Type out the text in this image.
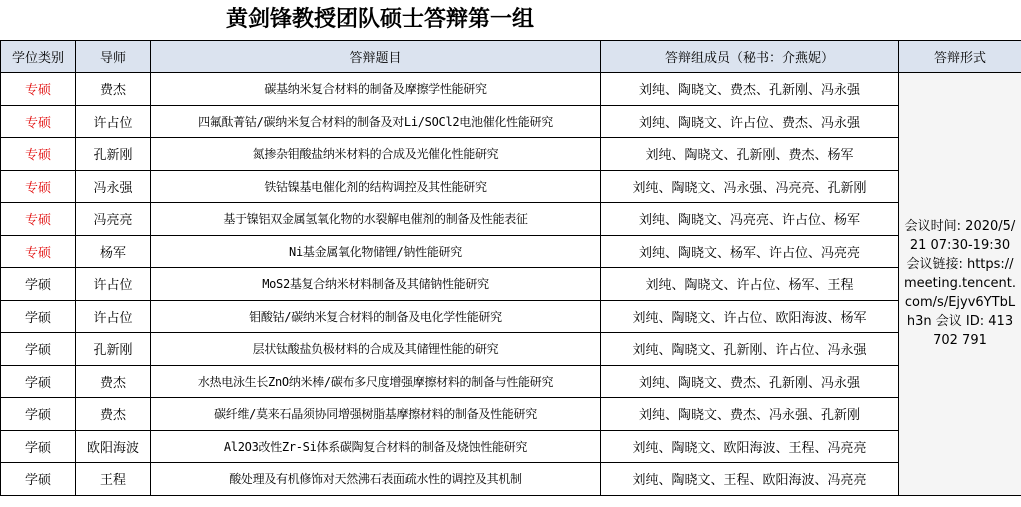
黄剑锋教授团队硕士答辩第一组
学位类别	导师	答辩题目	答辩组成员（秘书：介燕妮）	答辩形式
专硕	费杰	碳基纳米复合材料的制备及摩擦学性能研究	刘纯、陶晓文、费杰、孔新刚、冯永强	会议时间: 2020/5/21 07:30-19:30 会议链接: https://meeting.tencent.com/s/Ejyv6YTbLh3n 会议 ID: 413 702 791
专硕	许占位	四氟酞菁钴/碳纳米复合材料的制备及对Li/SOCl2电池催化性能研究	刘纯、陶晓文、许占位、费杰、冯永强	
专硕	孔新刚	氮掺杂钼酸盐纳米材料的合成及光催化性能研究	刘纯、陶晓文、孔新刚、费杰、杨军	
专硕	冯永强	铁钴镍基电催化剂的结构调控及其性能研究	刘纯、陶晓文、冯永强、冯亮亮、孔新刚	
专硕	冯亮亮	基于镍铝双金属氢氧化物的水裂解电催剂的制备及性能表征	刘纯、陶晓文、冯亮亮、许占位、杨军	
专硕	杨军	Ni基金属氧化物储锂/钠性能研究	刘纯、陶晓文、杨军、许占位、冯亮亮	
学硕	许占位	MoS2基复合纳米材料制备及其储钠性能研究	刘纯、陶晓文、许占位、杨军、王程	
学硕	许占位	钼酸钴/碳纳米复合材料的制备及电化学性能研究	刘纯、陶晓文、许占位、欧阳海波、杨军	
学硕	孔新刚	层状钛酸盐负极材料的合成及其储锂性能的研究	刘纯、陶晓文、孔新刚、许占位、冯永强	
学硕	费杰	水热电泳生长ZnO纳米棒/碳布多尺度增强摩擦材料的制备与性能研究	刘纯、陶晓文、费杰、孔新刚、冯永强	
学硕	费杰	碳纤维/莫来石晶须协同增强树脂基摩擦材料的制备及性能研究	刘纯、陶晓文、费杰、冯永强、孔新刚	
学硕	欧阳海波	Al2O3改性Zr-Si体系碳陶复合材料的制备及烧蚀性能研究	刘纯、陶晓文、欧阳海波、王程、冯亮亮	
学硕	王程	酸处理及有机修饰对天然沸石表面疏水性的调控及其机制	刘纯、陶晓文、王程、欧阳海波、冯亮亮	
